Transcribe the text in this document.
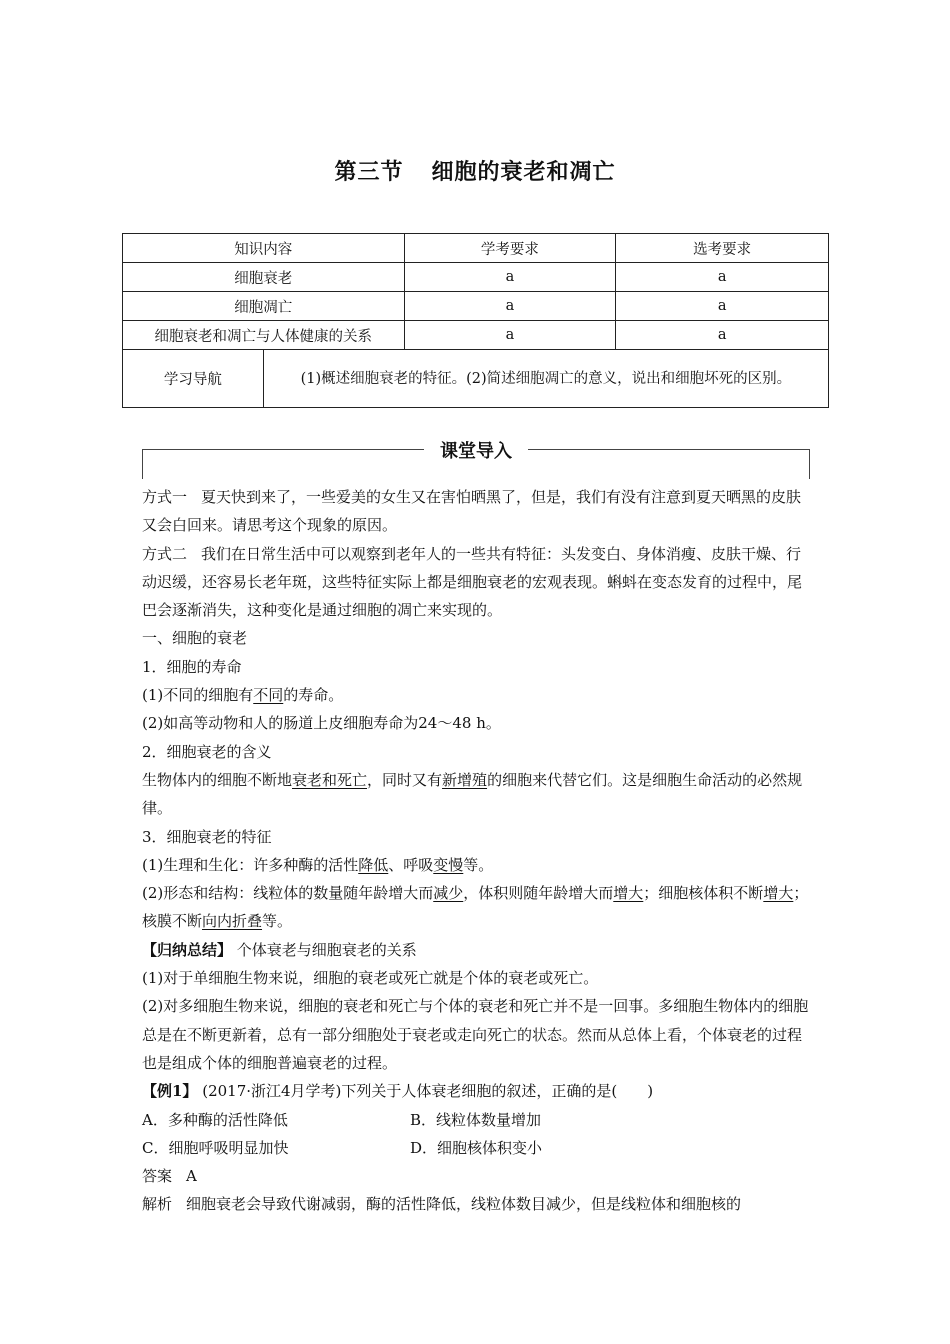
第三节 细胞的衰老和凋亡
知识内容		学考要求	选考要求
细胞衰老		a	a
细胞凋亡		a	a
细胞衰老和凋亡与人体健康的关系		a	a
学习导航	(1)概述细胞衰老的特征。(2)简述细胞凋亡的意义，说出和细胞坏死的区别。		
课堂导入

方式一 夏天快到来了，一些爱美的女生又在害怕晒黑了，但是，我们有没有注意到夏天晒黑的皮肤又会白回来。请思考这个现象的原因。

方式二 我们在日常生活中可以观察到老年人的一些共有特征：头发变白、身体消瘦、皮肤干燥、行动迟缓，还容易长老年斑，这些特征实际上都是细胞衰老的宏观表现。蝌蚪在变态发育的过程中，尾巴会逐渐消失，这种变化是通过细胞的凋亡来实现的。

一、细胞的衰老

1．细胞的寿命

(1)不同的细胞有不同的寿命。

(2)如高等动物和人的肠道上皮细胞寿命为24～48 h。

2．细胞衰老的含义

生物体内的细胞不断地衰老和死亡，同时又有新增殖的细胞来代替它们。这是细胞生命活动的必然规律。

3．细胞衰老的特征

(1)生理和生化：许多种酶的活性降低、呼吸变慢等。

(2)形态和结构：线粒体的数量随年龄增大而减少，体积则随年龄增大而增大；细胞核体积不断增大；核膜不断向内折叠等。

【归纳总结】 个体衰老与细胞衰老的关系

(1)对于单细胞生物来说，细胞的衰老或死亡就是个体的衰老或死亡。

(2)对多细胞生物来说，细胞的衰老和死亡与个体的衰老和死亡并不是一回事。多细胞生物体内的细胞总是在不断更新着，总有一部分细胞处于衰老或走向死亡的状态。然而从总体上看，个体衰老的过程也是组成个体的细胞普遍衰老的过程。

【例1】 (2017·浙江4月学考)下列关于人体衰老细胞的叙述，正确的是(　　)

A．多种酶的活性降低	B．线粒体数量增加
C．细胞呼吸明显加快	D．细胞核体积变小

答案 A

解析 细胞衰老会导致代谢减弱，酶的活性降低，线粒体数目减少，但是线粒体和细胞核的
